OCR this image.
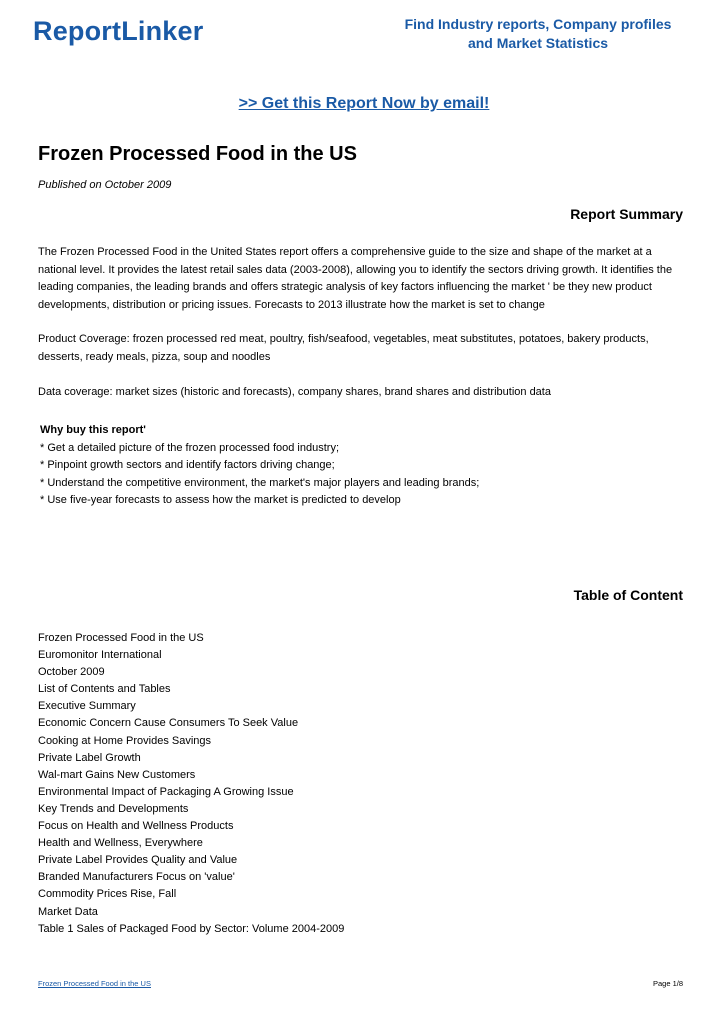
ReportLinker	Find Industry reports, Company profiles
and Market Statistics
>> Get this Report Now by email!
Frozen Processed Food in the US
Published on October 2009
Report Summary
The Frozen Processed Food in the United States report offers a comprehensive guide to the size and shape of the market at a national level. It provides the latest retail sales data (2003-2008), allowing you to identify the sectors driving growth. It identifies the leading companies, the leading brands and offers strategic analysis of key factors influencing the market ' be they new product developments, distribution or pricing issues. Forecasts to 2013 illustrate how the market is set to change
Product Coverage: frozen processed red meat, poultry, fish/seafood, vegetables, meat substitutes, potatoes, bakery products, desserts, ready meals, pizza, soup and noodles
Data coverage: market sizes (historic and forecasts), company shares, brand shares and distribution data
Why buy this report'
* Get a detailed picture of the frozen processed food industry;
* Pinpoint growth sectors and identify factors driving change;
* Understand the competitive environment, the market's major players and leading brands;
* Use five-year forecasts to assess how the market is predicted to develop
Table of Content
Frozen Processed Food in the US
Euromonitor International
October 2009
List of Contents and Tables
Executive Summary
Economic Concern Cause Consumers To Seek Value
Cooking at Home Provides Savings
Private Label Growth
Wal-mart Gains New Customers
Environmental Impact of Packaging A Growing Issue
Key Trends and Developments
Focus on Health and Wellness Products
Health and Wellness, Everywhere
Private Label Provides Quality and Value
Branded Manufacturers Focus on 'value'
Commodity Prices Rise, Fall
Market Data
Table 1 Sales of Packaged Food by Sector: Volume 2004-2009
Frozen Processed Food in the US	Page 1/8
